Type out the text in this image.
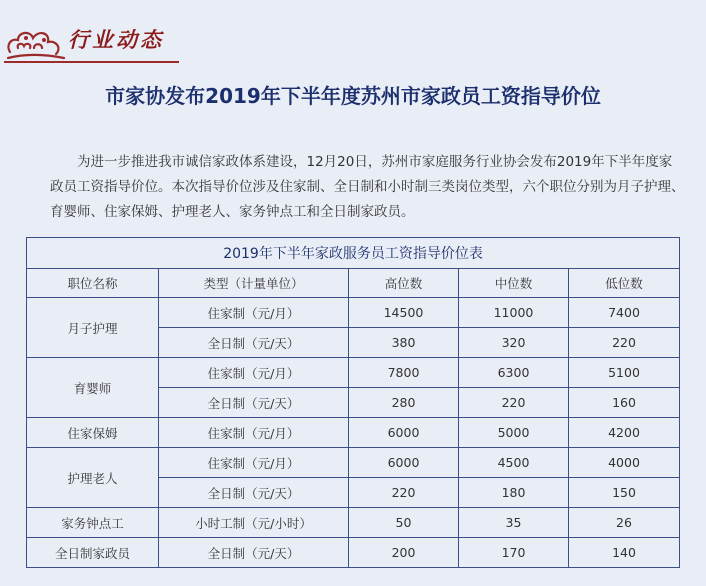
行业动态
市家协发布2019年下半年度苏州市家政员工资指导价位
为进一步推进我市诚信家政体系建设，12月20日，苏州市家庭服务行业协会发布2019年下半年度家政员工资指导价位。本次指导价位涉及住家制、全日制和小时制三类岗位类型，六个职位分别为月子护理、育婴师、住家保姆、护理老人、家务钟点工和全日制家政员。
2019年下半年家政服务员工资指导价位表				
职位名称	类型（计量单位）	高位数	中位数	低位数
月子护理	住家制（元/月）	14500	11000	7400
	全日制（元/天）	380	320	220
育婴师	住家制（元/月）	7800	6300	5100
	全日制（元/天）	280	220	160
住家保姆	住家制（元/月）	6000	5000	4200
护理老人	住家制（元/月）	6000	4500	4000
	全日制（元/天）	220	180	150
家务钟点工	小时工制（元/小时）	50	35	26
全日制家政员	全日制（元/天）	200	170	140
